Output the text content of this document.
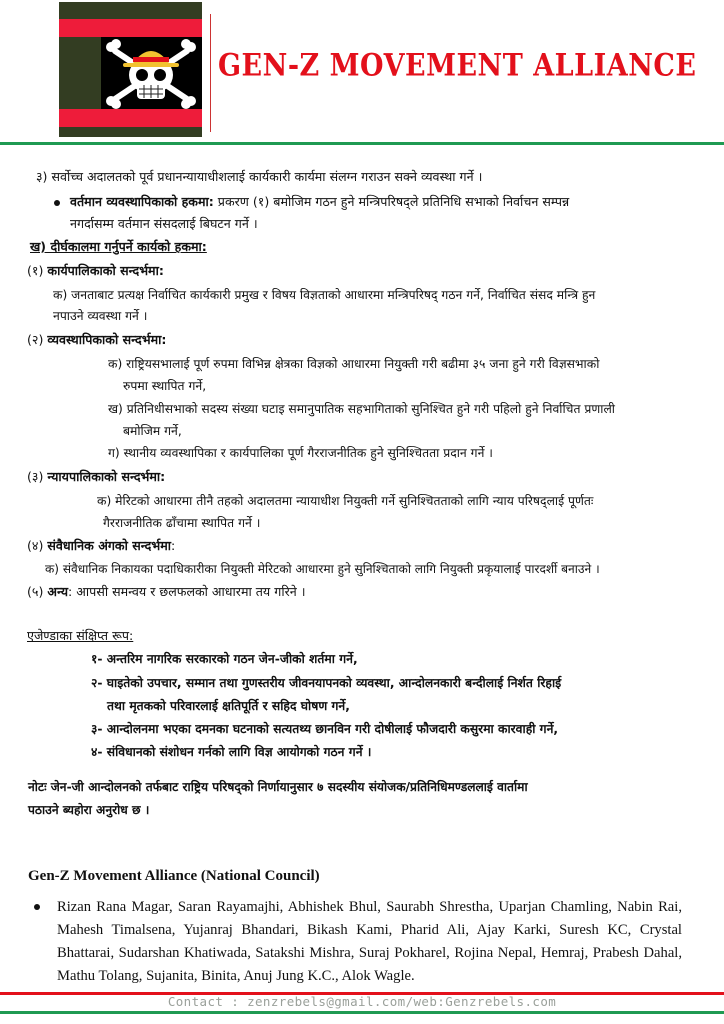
GEN-Z MOVEMENT ALLIANCE
३) सर्वोच्च अदालतको पूर्व प्रधानन्यायाधीशलाई कार्यकारी कार्यमा संलग्न गराउन सक्ने व्यवस्था गर्ने ।
वर्तमान व्यवस्थापिकाको हकमा: प्रकरण (१) बमोजिम गठन हुने मन्त्रिपरिषद्ले प्रतिनिधि सभाको निर्वाचन सम्पन्न
नगर्दासम्म वर्तमान संसदलाई बिघटन गर्ने ।
ख) दीर्घकालमा गर्नुपर्ने कार्यको हकमा:
(१) कार्यपालिकाको सन्दर्भमा:
क) जनताबाट प्रत्यक्ष निर्वाचित कार्यकारी प्रमुख र विषय विज्ञताको आधारमा मन्त्रिपरिषद् गठन गर्ने, निर्वाचित संसद मन्त्रि हुन
नपाउने व्यवस्था गर्ने ।
(२) व्यवस्थापिकाको सन्दर्भमा:
क) राष्ट्रियसभालाई पूर्ण रुपमा विभिन्न क्षेत्रका विज्ञको आधारमा नियुक्ती गरी बढीमा ३५ जना हुने गरी विज्ञसभाको
रुपमा स्थापित गर्ने,
ख) प्रतिनिधीसभाको सदस्य संख्या घटाइ समानुपातिक सहभागिताको सुनिश्चित हुने गरी पहिलो हुने निर्वाचित प्रणाली
बमोजिम गर्ने,
ग) स्थानीय व्यवस्थापिका र कार्यपालिका पूर्ण गैरराजनीतिक हुने सुनिश्चितता प्रदान गर्ने ।
(३) न्यायपालिकाको सन्दर्भमा:
क) मेरिटको आधारमा तीनै तहको अदालतमा न्यायाधीश नियुक्ती गर्ने सुनिश्चितताको लागि न्याय परिषद्लाई पूर्णतः
गैरराजनीतिक ढाँचामा स्थापित गर्ने ।
(४) संवैधानिक अंगको सन्दर्भमा:
क) संवैधानिक निकायका पदाधिकारीका नियुक्ती मेरिटको आधारमा हुने सुनिश्चिताको लागि नियुक्ती प्रकृयालाई पारदर्शी बनाउने ।
(५) अन्य: आपसी समन्वय र छलफलको आधारमा तय गरिने ।
एजेण्डाका संक्षिप्त रूप:
१- अन्तरिम नागरिक सरकारको गठन जेन-जीको शर्तमा गर्ने,
२- घाइतेको उपचार, सम्मान तथा गुणस्तरीय जीवनयापनको व्यवस्था, आन्दोलनकारी बन्दीलाई निर्शत रिहाई
तथा मृतकको परिवारलाई क्षतिपूर्ति र सहिद घोषण गर्ने,
३- आन्दोलनमा भएका दमनका घटनाको सत्यतथ्य छानविन गरी दोषीलाई फौजदारी कसुरमा कारवाही गर्ने,
४- संविधानको संशोधन गर्नको लागि विज्ञ आयोगको गठन गर्ने ।
नोटः जेन-जी आन्दोलनको तर्फबाट राष्ट्रिय परिषद्को निर्णायानुसार ७ सदस्यीय संयोजक/प्रतिनिधिमण्डललाई वार्तामा
पठाउने ब्यहोरा अनुरोध छ ।
Gen-Z Movement Alliance (National Council)
Rizan Rana Magar, Saran Rayamajhi, Abhishek Bhul, Saurabh Shrestha, Uparjan Chamling, Nabin Rai, Mahesh Timalsena, Yujanraj Bhandari, Bikash Kami, Pharid Ali, Ajay Karki, Suresh KC, Crystal Bhattarai, Sudarshan Khatiwada, Satakshi Mishra, Suraj Pokharel, Rojina Nepal, Hemraj, Prabesh Dahal, Mathu Tolang, Sujanita, Binita, Anuj Jung K.C., Alok Wagle.
Contact : zenzrebels@gmail.com/web:Genzrebels.com
